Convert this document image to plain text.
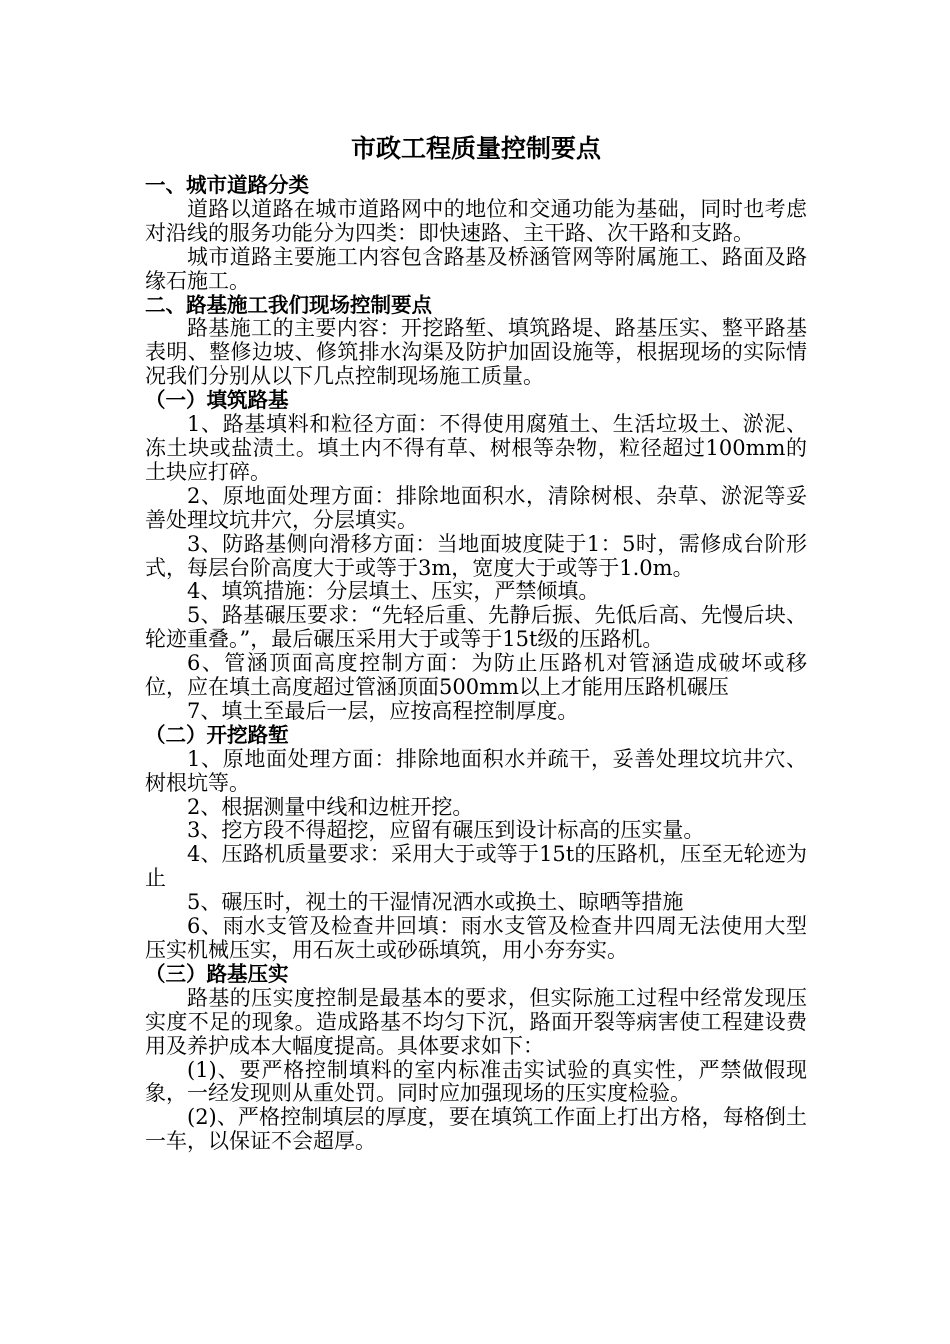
市政工程质量控制要点
一、城市道路分类
道路以道路在城市道路网中的地位和交通功能为基础，同时也考虑对沿线的服务功能分为四类：即快速路、主干路、次干路和支路。
城市道路主要施工内容包含路基及桥涵管网等附属施工、路面及路缘石施工。
二、路基施工我们现场控制要点
路基施工的主要内容：开挖路堑、填筑路堤、路基压实、整平路基表明、整修边坡、修筑排水沟渠及防护加固设施等，根据现场的实际情况我们分别从以下几点控制现场施工质量。
（一）填筑路基
1、路基填料和粒径方面：不得使用腐殖土、生活垃圾土、淤泥、冻土块或盐渍土。填土内不得有草、树根等杂物，粒径超过100mm的土块应打碎。
2、原地面处理方面：排除地面积水，清除树根、杂草、淤泥等妥善处理坟坑井穴，分层填实。
3、防路基侧向滑移方面：当地面坡度陡于1：5时，需修成台阶形式，每层台阶高度大于或等于3m，宽度大于或等于1.0m。
4、填筑措施：分层填土、压实，严禁倾填。
5、路基碾压要求：“先轻后重、先静后振、先低后高、先慢后块、轮迹重叠。”，最后碾压采用大于或等于15t级的压路机。
6、管涵顶面高度控制方面：为防止压路机对管涵造成破坏或移位，应在填土高度超过管涵顶面500mm以上才能用压路机碾压
7、填土至最后一层，应按高程控制厚度。
（二）开挖路堑
1、原地面处理方面：排除地面积水并疏干，妥善处理坟坑井穴、树根坑等。
2、根据测量中线和边桩开挖。
3、挖方段不得超挖，应留有碾压到设计标高的压实量。
4、压路机质量要求：采用大于或等于15t的压路机，压至无轮迹为止
5、碾压时，视土的干湿情况洒水或换土、晾晒等措施
6、雨水支管及检查井回填：雨水支管及检查井四周无法使用大型压实机械压实，用石灰土或砂砾填筑，用小夯夯实。
（三）路基压实
路基的压实度控制是最基本的要求，但实际施工过程中经常发现压实度不足的现象。造成路基不均匀下沉，路面开裂等病害使工程建设费用及养护成本大幅度提高。具体要求如下：
(1)、要严格控制填料的室内标准击实试验的真实性，严禁做假现象，一经发现则从重处罚。同时应加强现场的压实度检验。
(2)、严格控制填层的厚度，要在填筑工作面上打出方格，每格倒土一车，以保证不会超厚。
